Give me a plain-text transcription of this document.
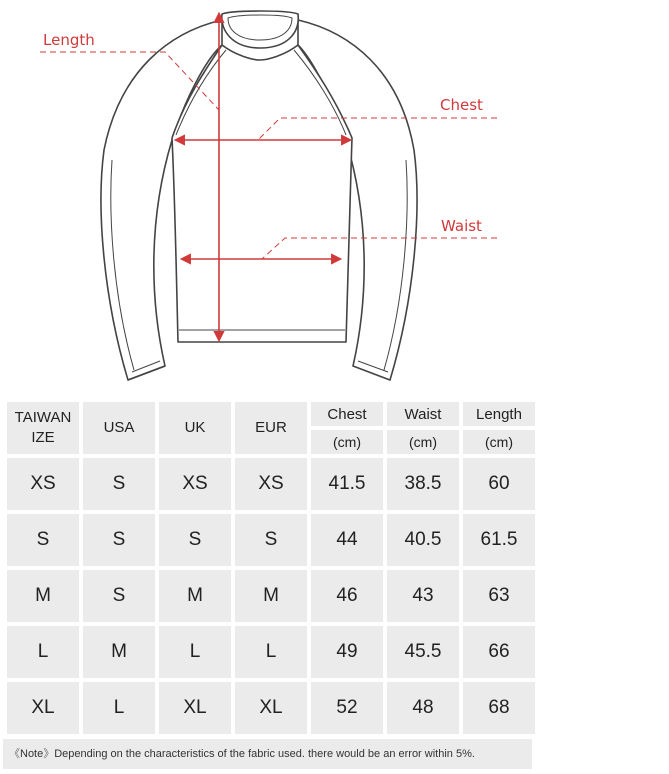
Length
Chest
Waist
TAIWAN
IZE	USA	UK	EUR	Chest	Waist	Length
				(cm)	(cm)	(cm)
XS	S	XS	XS	41.5	38.5	60
S	S	S	S	44	40.5	61.5
M	S	M	M	46	43	63
L	M	L	L	49	45.5	66
XL	L	XL	XL	52	48	68
《Note》Depending on the characteristics of the fabric used. there would be an error within 5%.
